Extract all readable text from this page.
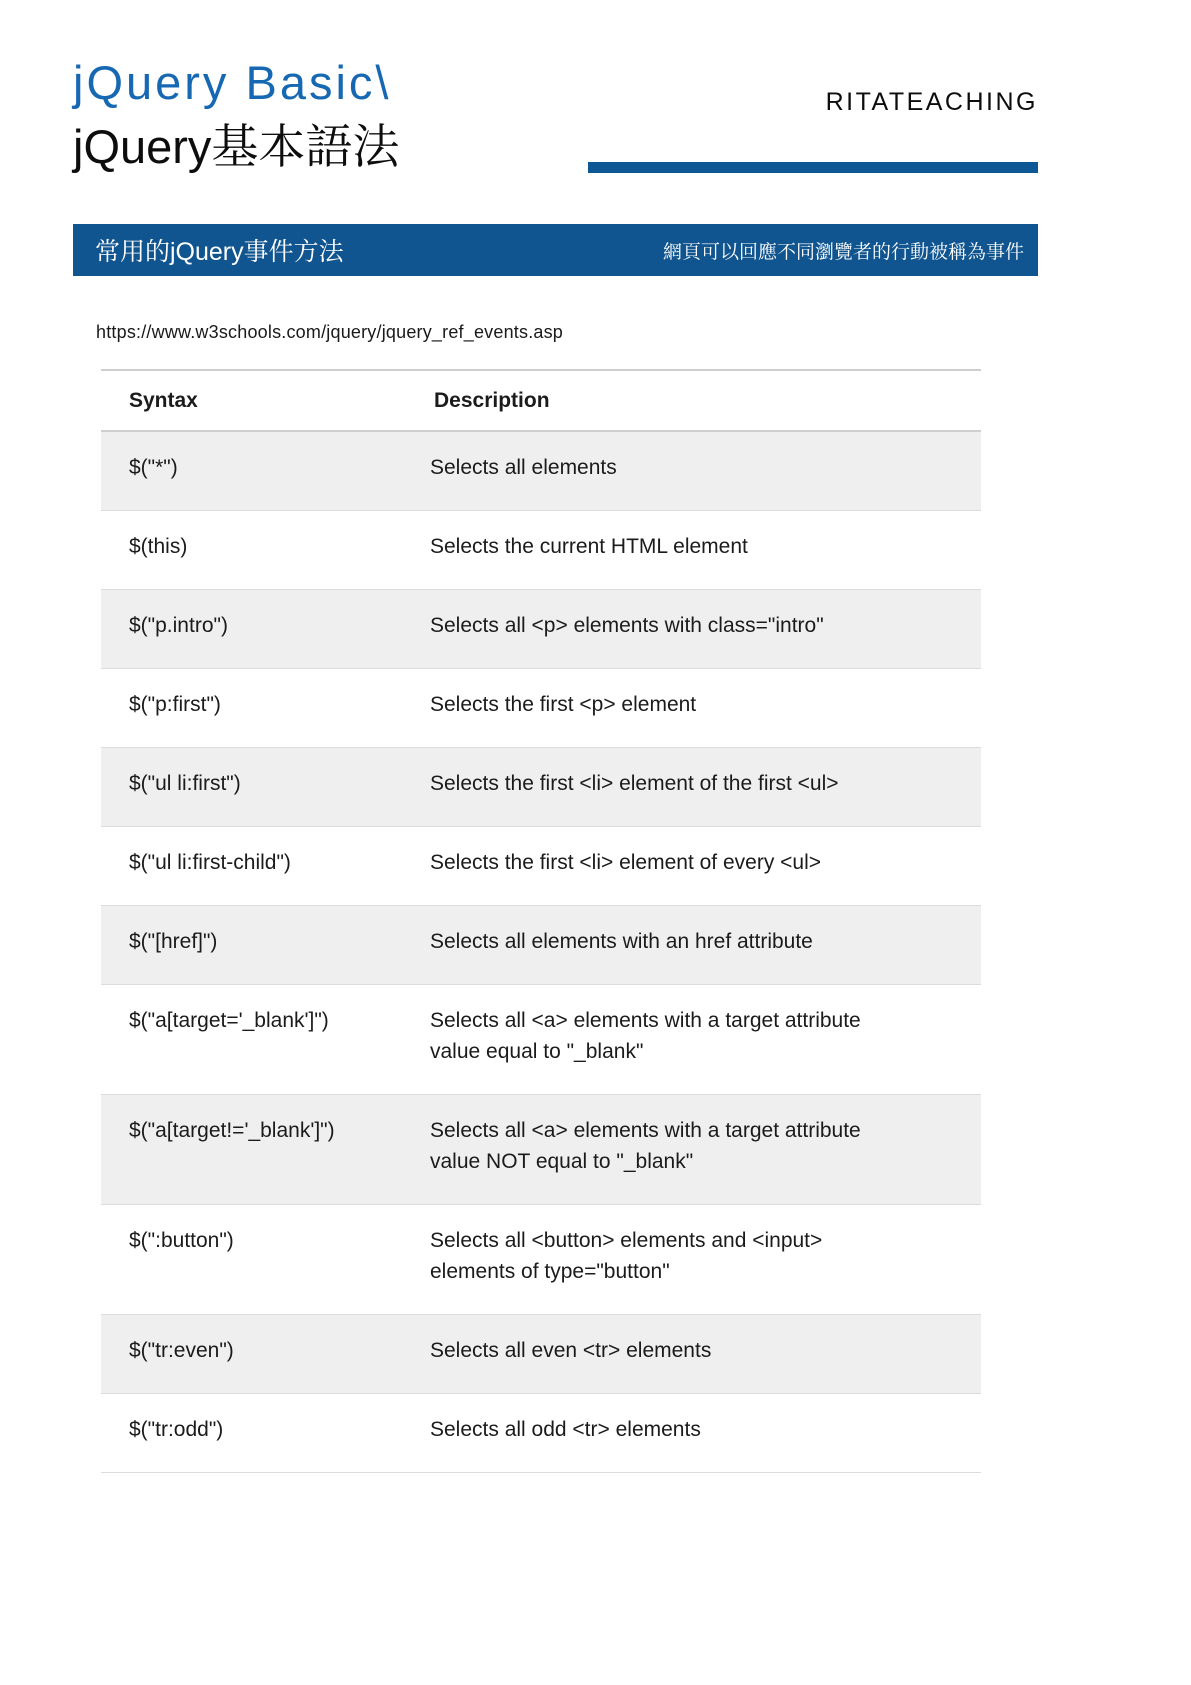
jQuery Basic\
jQuery基本語法
RITATEACHING
常用的jQuery事件方法	網頁可以回應不同瀏覽者的行動被稱為事件
https://www.w3schools.com/jquery/jquery_ref_events.asp
Syntax	Description
$("*")	Selects all elements

$(this)	Selects the current HTML element

$("p.intro")	Selects all <p> elements with class="intro"

$("p:first")	Selects the first <p> element

$("ul li:first")	Selects the first <li> element of the first <ul>

$("ul li:first-child")	Selects the first <li> element of every <ul>

$("[href]")	Selects all elements with an href attribute

$("a[target='_blank']")	Selects all <a> elements with a target attribute
value equal to "_blank"

$("a[target!='_blank']")	Selects all <a> elements with a target attribute
value NOT equal to "_blank"

$(":button")	Selects all <button> elements and <input>
elements of type="button"

$("tr:even")	Selects all even <tr> elements

$("tr:odd")	Selects all odd <tr> elements
